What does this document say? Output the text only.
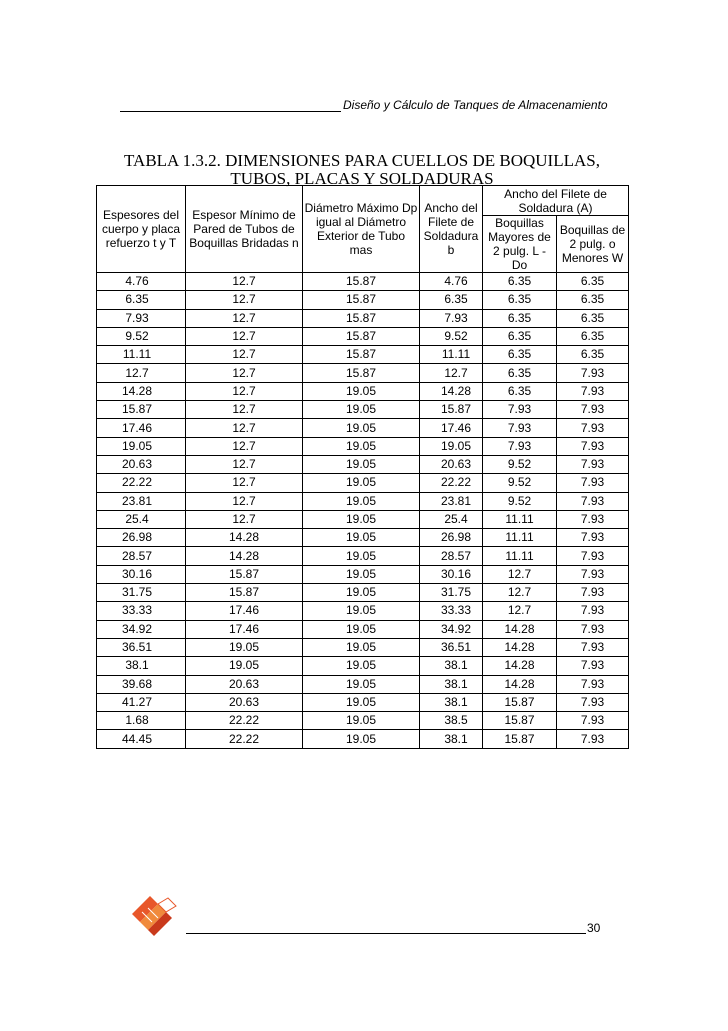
Diseño y Cálculo de Tanques de Almacenamiento
TABLA 1.3.2. DIMENSIONES PARA CUELLOS DE BOQUILLAS,
TUBOS, PLACAS Y SOLDADURAS
Espesores del cuerpo y placa refuerzo t y T	Espesor Mínimo de Pared de Tubos de Boquillas Bridadas n	Diámetro Máximo Dp igual al Diámetro Exterior de Tubo mas	Ancho del Filete de Soldadura b	Ancho del Filete de Soldadura (A)	
				Boquillas Mayores de 2 pulg. L - Do	Boquillas de 2 pulg. o Menores W
4.76	12.7	15.87	4.76	6.35	6.35
6.35	12.7	15.87	6.35	6.35	6.35
7.93	12.7	15.87	7.93	6.35	6.35
9.52	12.7	15.87	9.52	6.35	6.35
11.11	12.7	15.87	11.11	6.35	6.35
12.7	12.7	15.87	12.7	6.35	7.93
14.28	12.7	19.05	14.28	6.35	7.93
15.87	12.7	19.05	15.87	7.93	7.93
17.46	12.7	19.05	17.46	7.93	7.93
19.05	12.7	19.05	19.05	7.93	7.93
20.63	12.7	19.05	20.63	9.52	7.93
22.22	12.7	19.05	22.22	9.52	7.93
23.81	12.7	19.05	23.81	9.52	7.93
25.4	12.7	19.05	25.4	11.11	7.93
26.98	14.28	19.05	26.98	11.11	7.93
28.57	14.28	19.05	28.57	11.11	7.93
30.16	15.87	19.05	30.16	12.7	7.93
31.75	15.87	19.05	31.75	12.7	7.93
33.33	17.46	19.05	33.33	12.7	7.93
34.92	17.46	19.05	34.92	14.28	7.93
36.51	19.05	19.05	36.51	14.28	7.93
38.1	19.05	19.05	38.1	14.28	7.93
39.68	20.63	19.05	38.1	14.28	7.93
41.27	20.63	19.05	38.1	15.87	7.93
1.68	22.22	19.05	38.5	15.87	7.93
44.45	22.22	19.05	38.1	15.87	7.93
30
